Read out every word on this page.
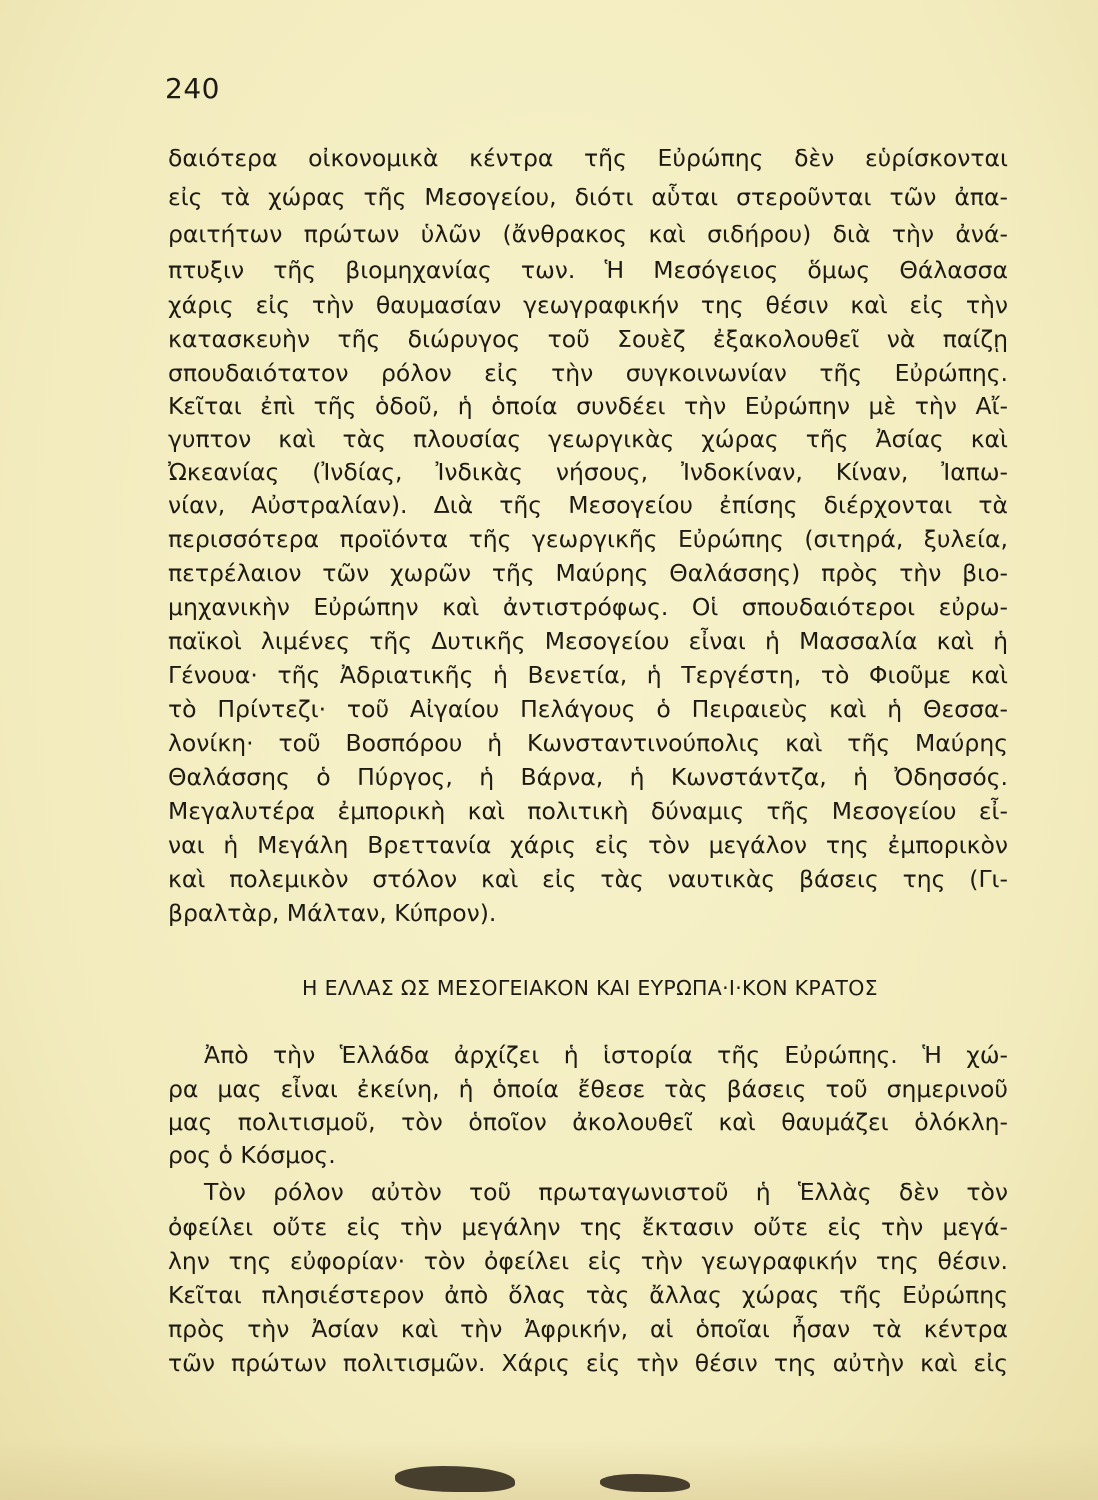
240
δαιότερα οἰκονομικὰ κέντρα τῆς Εὐρώπης δὲν εὑρίσκονται
εἰς τὰ χώρας τῆς Μεσογείου, διότι αὗται στεροῦνται τῶν ἀπα-
ραιτήτων πρώτων ὑλῶν (ἄνθρακος καὶ σιδήρου) διὰ τὴν ἀνά-
πτυξιν τῆς βιομηχανίας των. Ἡ Μεσόγειος ὅμως Θάλασσα
χάρις εἰς τὴν θαυμασίαν γεωγραφικήν της θέσιν καὶ εἰς τὴν
κατασκευὴν τῆς διώρυγος τοῦ Σουὲζ ἐξακολουθεῖ νὰ παίζῃ
σπουδαιότατον ρόλον εἰς τὴν συγκοινωνίαν τῆς Εὐρώπης.
Κεῖται ἐπὶ τῆς ὁδοῦ, ἡ ὁποία συνδέει τὴν Εὐρώπην μὲ τὴν Αἴ-
γυπτον καὶ τὰς πλουσίας γεωργικὰς χώρας τῆς Ἀσίας καὶ
Ὠκεανίας (Ἰνδίας, Ἰνδικὰς νήσους, Ἰνδοκίναν, Κίναν, Ἰαπω-
νίαν, Αὐστραλίαν). Διὰ τῆς Μεσογείου ἐπίσης διέρχονται τὰ
περισσότερα προϊόντα τῆς γεωργικῆς Εὐρώπης (σιτηρά, ξυλεία,
πετρέλαιον τῶν χωρῶν τῆς Μαύρης Θαλάσσης) πρὸς τὴν βιο-
μηχανικὴν Εὐρώπην καὶ ἀντιστρόφως. Οἱ σπουδαιότεροι εὐρω-
παϊκοὶ λιμένες τῆς Δυτικῆς Μεσογείου εἶναι ἡ Μασσαλία καὶ ἡ
Γένουα· τῆς Ἀδριατικῆς ἡ Βενετία, ἡ Τεργέστη, τὸ Φιοῦμε καὶ
τὸ Πρίντεζι· τοῦ Αἰγαίου Πελάγους ὁ Πειραιεὺς καὶ ἡ Θεσσα-
λονίκη· τοῦ Βοσπόρου ἡ Κωνσταντινούπολις καὶ τῆς Μαύρης
Θαλάσσης ὁ Πύργος, ἡ Βάρνα, ἡ Κωνστάντζα, ἡ Ὀδησσός.
Μεγαλυτέρα ἐμπορικὴ καὶ πολιτικὴ δύναμις τῆς Μεσογείου εἶ-
ναι ἡ Μεγάλη Βρεττανία χάρις εἰς τὸν μεγάλον της ἐμπορικὸν
καὶ πολεμικὸν στόλον καὶ εἰς τὰς ναυτικὰς βάσεις της (Γι-
βραλτὰρ, Μάλταν, Κύπρον).
Η ΕΛΛΑΣ ΩΣ ΜΕΣΟΓΕΙΑΚΟΝ ΚΑΙ ΕΥΡΩΠΑ·Ι·ΚΟΝ ΚΡΑΤΟΣ
Ἀπὸ τὴν Ἑλλάδα ἀρχίζει ἡ ἱστορία τῆς Εὐρώπης. Ἡ χώ-
ρα μας εἶναι ἐκείνη, ἡ ὁποία ἔθεσε τὰς βάσεις τοῦ σημερινοῦ
μας πολιτισμοῦ, τὸν ὁποῖον ἀκολουθεῖ καὶ θαυμάζει ὁλόκλη-
ρος ὁ Κόσμος.
Τὸν ρόλον αὐτὸν τοῦ πρωταγωνιστοῦ ἡ Ἑλλὰς δὲν τὸν
ὀφείλει οὔτε εἰς τὴν μεγάλην της ἔκτασιν οὔτε εἰς τὴν μεγά-
λην της εὐφορίαν· τὸν ὀφείλει εἰς τὴν γεωγραφικήν της θέσιν.
Κεῖται πλησιέστερον ἀπὸ ὅλας τὰς ἄλλας χώρας τῆς Εὐρώπης
πρὸς τὴν Ἀσίαν καὶ τὴν Ἀφρικήν, αἱ ὁποῖαι ἦσαν τὰ κέντρα
τῶν πρώτων πολιτισμῶν. Χάρις εἰς τὴν θέσιν της αὐτὴν καὶ εἰς
